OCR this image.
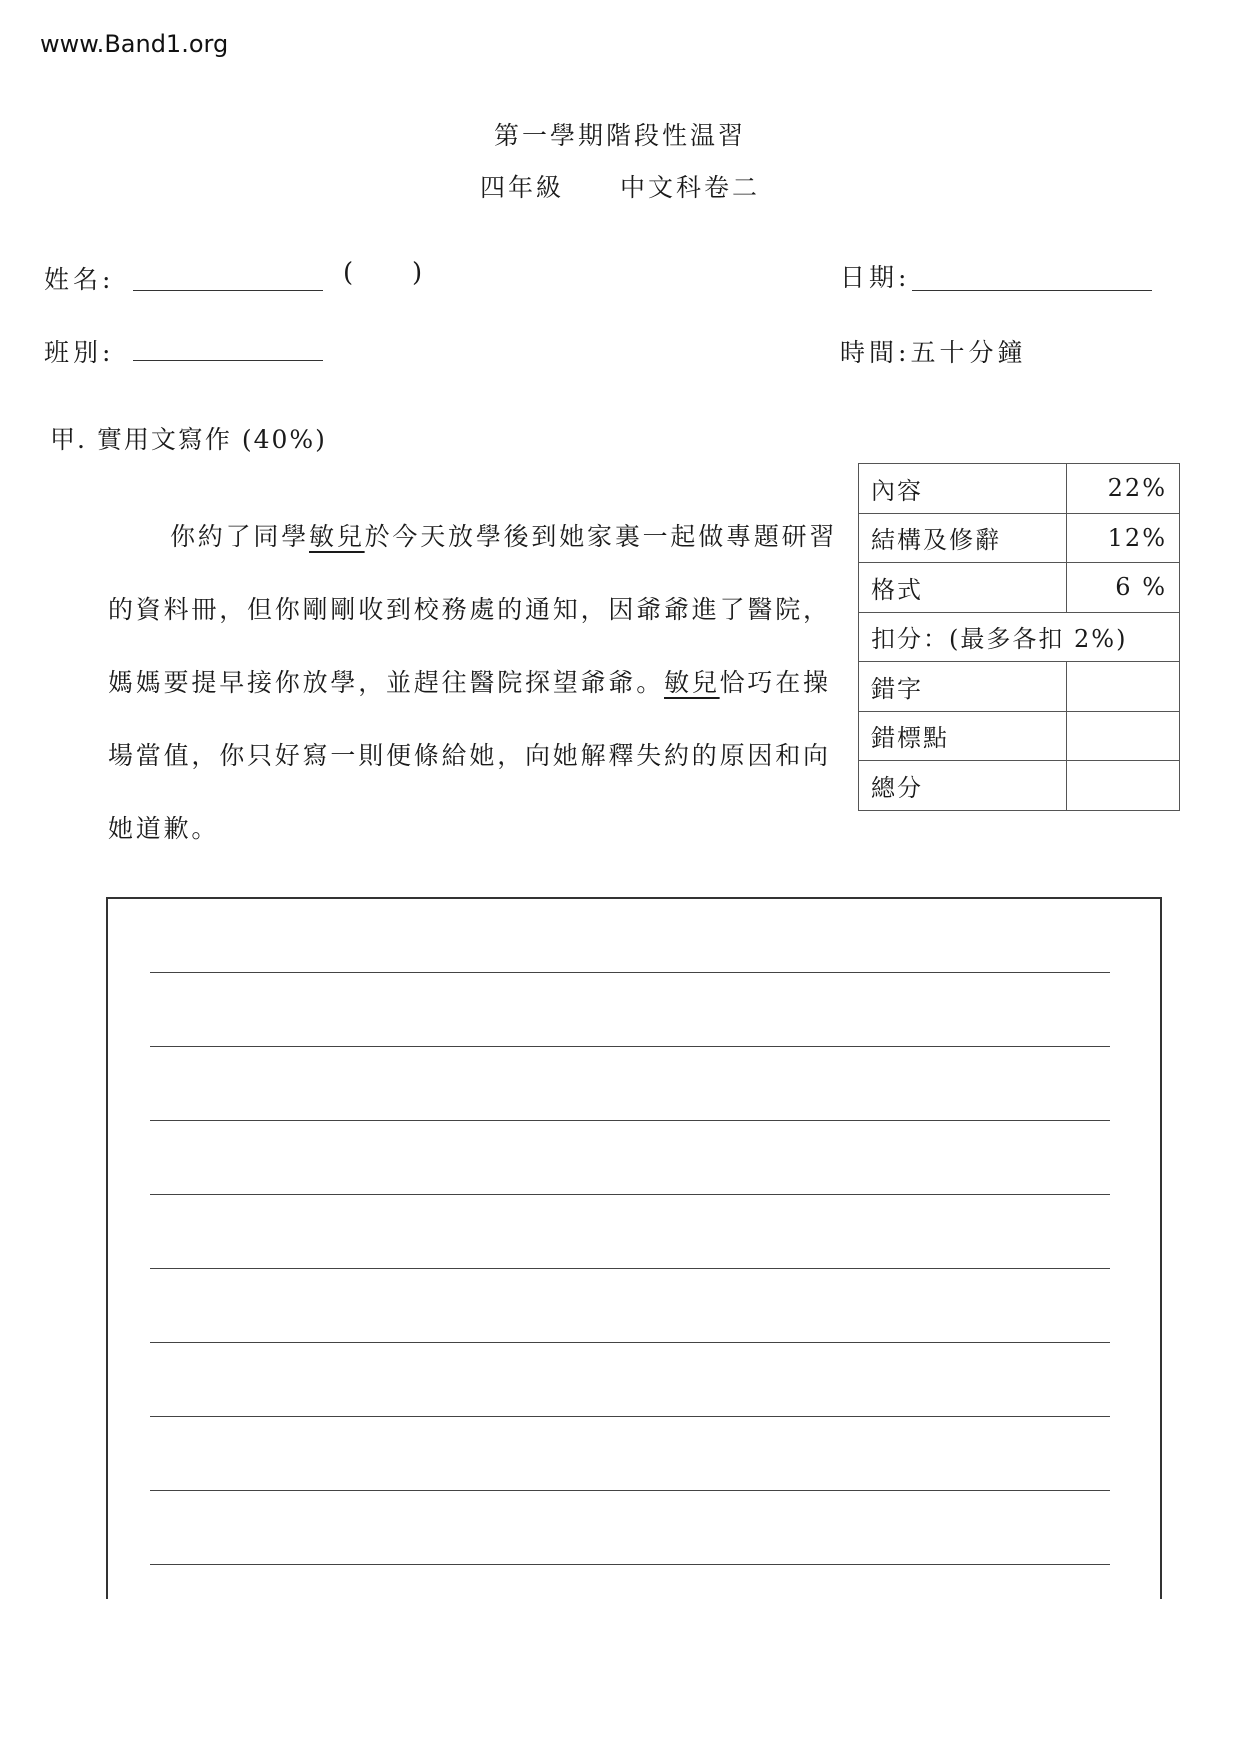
www.Band1.org
第一學期階段性温習
四年級 中文科卷二
姓名:	( )	日期:
班別:	時間:五十分鐘
甲. 實用文寫作 (40%)
你約了同學敏兒於今天放學後到她家裏一起做專題研習的資料冊，但你剛剛收到校務處的通知，因爺爺進了醫院，媽媽要提早接你放學，並趕往醫院探望爺爺。敏兒恰巧在操場當值，你只好寫一則便條給她，向她解釋失約的原因和向她道歉。
內容	22%
結構及修辭	12%
格式	6 %
扣分：(最多各扣 2%)	
錯字	
錯標點	
總分	
